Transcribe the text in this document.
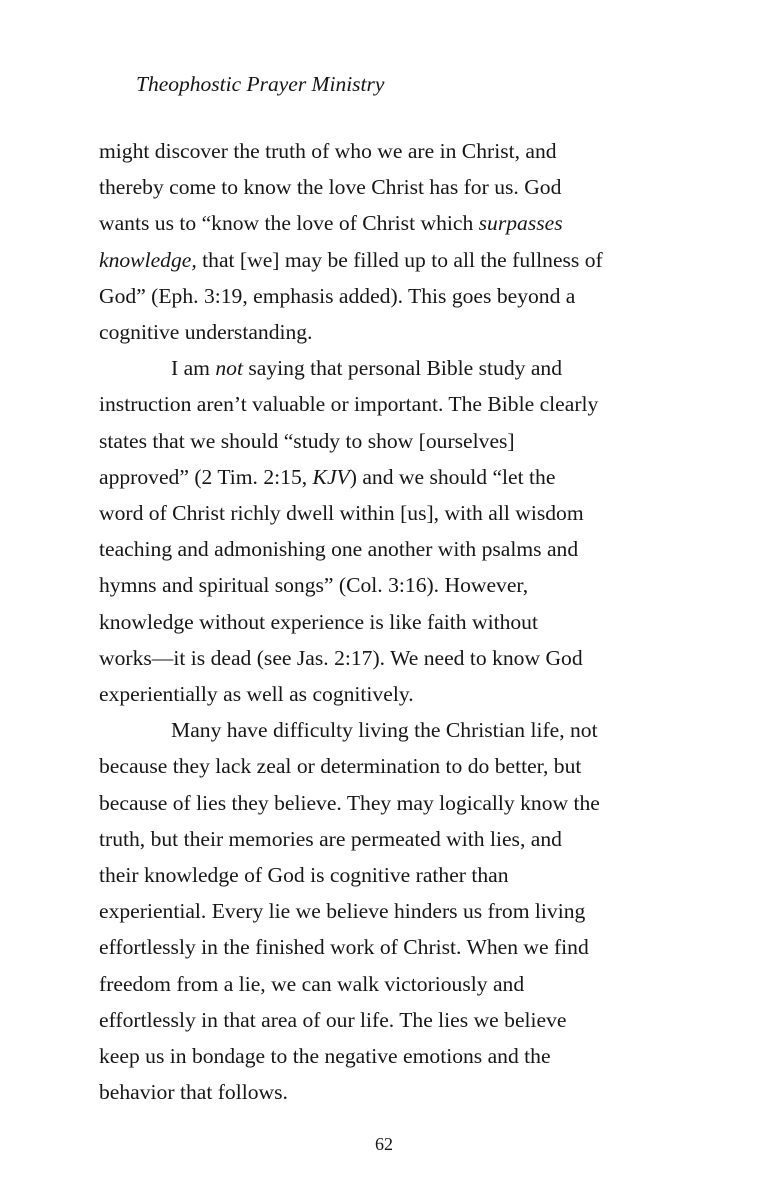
Theophostic Prayer Ministry
might discover the truth of who we are in Christ, and
thereby come to know the love Christ has for us. God
wants us to “know the love of Christ which surpasses
knowledge, that [we] may be filled up to all the fullness of
God” (Eph. 3:19, emphasis added). This goes beyond a
cognitive understanding.
I am not saying that personal Bible study and
instruction aren’t valuable or important. The Bible clearly
states that we should “study to show [ourselves]
approved” (2 Tim. 2:15, KJV) and we should “let the
word of Christ richly dwell within [us], with all wisdom
teaching and admonishing one another with psalms and
hymns and spiritual songs” (Col. 3:16). However,
knowledge without experience is like faith without
works—it is dead (see Jas. 2:17). We need to know God
experientially as well as cognitively.
Many have difficulty living the Christian life, not
because they lack zeal or determination to do better, but
because of lies they believe. They may logically know the
truth, but their memories are permeated with lies, and
their knowledge of God is cognitive rather than
experiential. Every lie we believe hinders us from living
effortlessly in the finished work of Christ. When we find
freedom from a lie, we can walk victoriously and
effortlessly in that area of our life. The lies we believe
keep us in bondage to the negative emotions and the
behavior that follows.
62
